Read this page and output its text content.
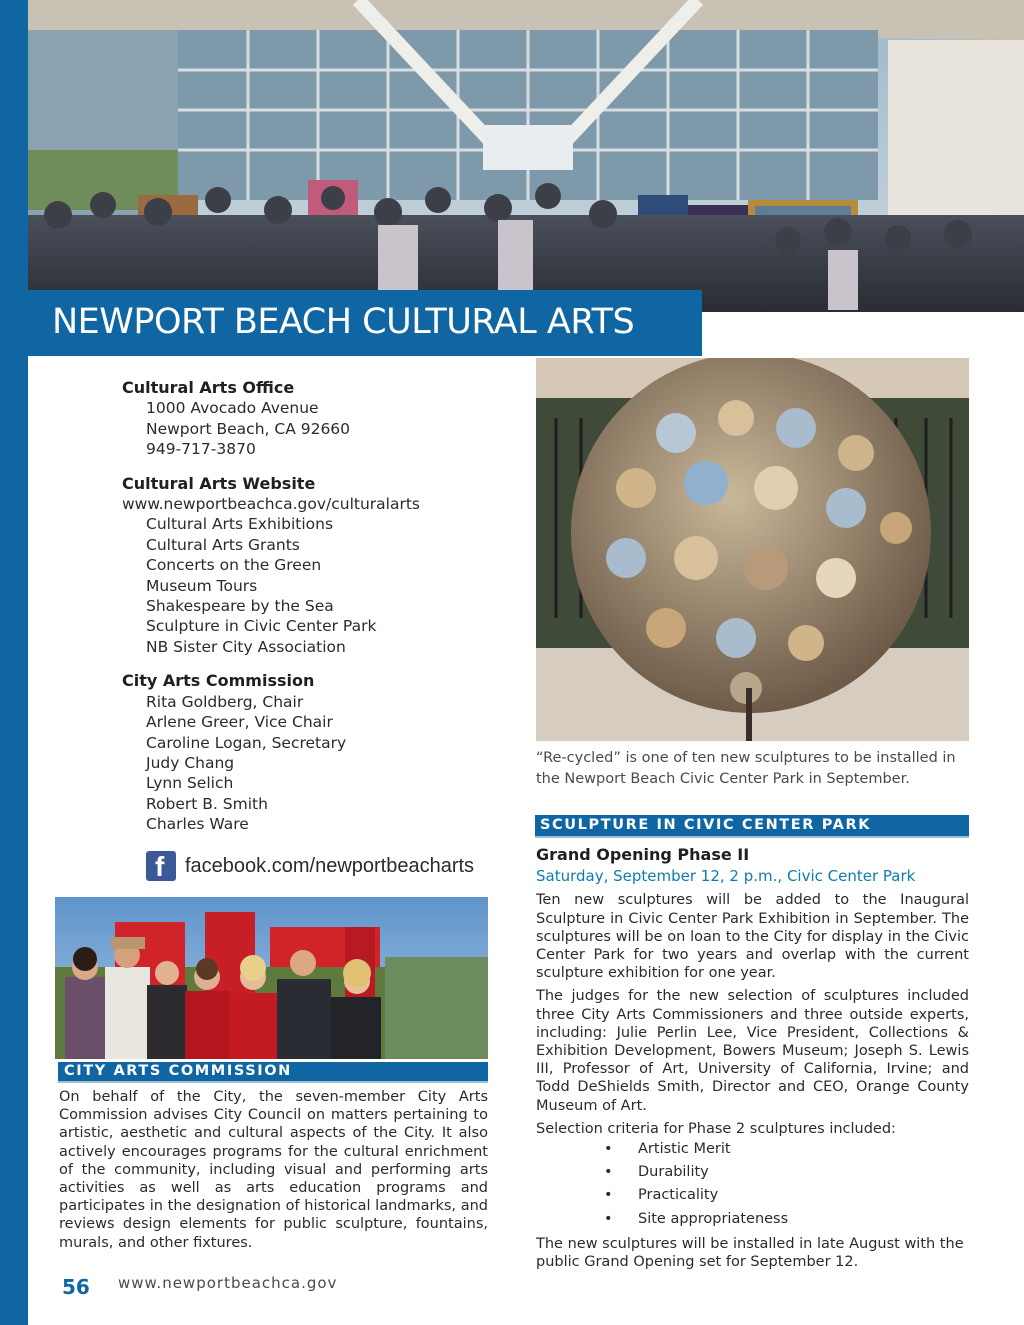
NEWPORT BEACH CULTURAL ARTS
Cultural Arts Office
1000 Avocado Avenue
Newport Beach, CA 92660
949-717-3870
Cultural Arts Website
www.newportbeachca.gov/culturalarts
Cultural Arts Exhibitions
Cultural Arts Grants
Concerts on the Green
Museum Tours
Shakespeare by the Sea
Sculpture in Civic Center Park
NB Sister City Association
City Arts Commission
Rita Goldberg, Chair
Arlene Greer, Vice Chair
Caroline Logan, Secretary
Judy Chang
Lynn Selich
Robert B. Smith
Charles Ware
f facebook.com/newportbeacharts
CITY ARTS COMMISSION
On behalf of the City, the seven-member City Arts Commission advises City Council on matters pertaining to artistic, aesthetic and cultural aspects of the City. It also actively encourages programs for the cultural enrichment of the community, including visual and performing arts activities as well as arts education programs and participates in the designation of historical landmarks, and reviews design elements for public sculpture, fountains, murals, and other fixtures.
56 www.newportbeachca.gov
“Re-cycled” is one of ten new sculptures to be installed in the Newport Beach Civic Center Park in September.
SCULPTURE IN CIVIC CENTER PARK
Grand Opening Phase II
Saturday, September 12, 2 p.m., Civic Center Park

Ten new sculptures will be added to the Inaugural Sculpture in Civic Center Park Exhibition in September. The sculptures will be on loan to the City for display in the Civic Center Park for two years and overlap with the current sculpture exhibition for one year.

The judges for the new selection of sculptures included three City Arts Commissioners and three outside experts, including: Julie Perlin Lee, Vice President, Collections & Exhibition Development, Bowers Museum; Joseph S. Lewis III, Professor of Art, University of California, Irvine; and Todd DeShields Smith, Director and CEO, Orange County Museum of Art.

Selection criteria for Phase 2 sculptures included:

• Artistic Merit
• Durability
• Practicality
• Site appropriateness

The new sculptures will be installed in late August with the public Grand Opening set for September 12.
